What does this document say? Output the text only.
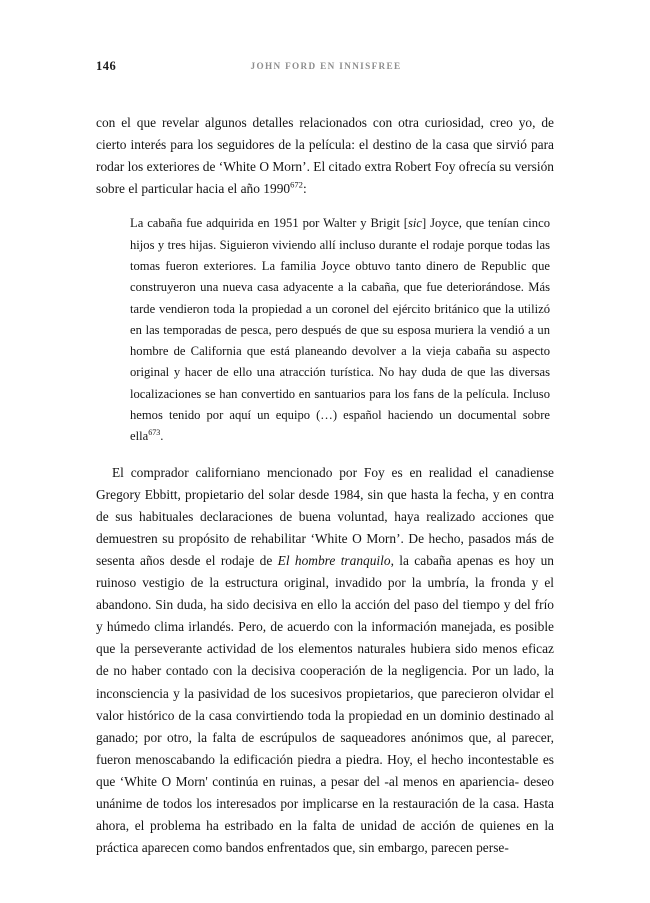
146	JOHN FORD EN INNISFREE

con el que revelar algunos detalles relacionados con otra curiosidad, creo yo, de cierto interés para los seguidores de la película: el destino de la casa que sirvió para rodar los exteriores de ‘White O Morn’. El citado extra Robert Foy ofrecía su versión sobre el particular hacia el año 1990$^{672}$:

La cabaña fue adquirida en 1951 por Walter y Brigit [sic] Joyce, que tenían cinco hijos y tres hijas. Siguieron viviendo allí incluso durante el rodaje porque todas las tomas fueron exteriores. La familia Joyce obtuvo tanto dinero de Republic que construyeron una nueva casa adyacente a la cabaña, que fue deteriorándose. Más tarde vendieron toda la propiedad a un coronel del ejército británico que la utilizó en las temporadas de pesca, pero después de que su esposa muriera la vendió a un hombre de California que está planeando devolver a la vieja cabaña su aspecto original y hacer de ello una atracción turística. No hay duda de que las diversas localizaciones se han convertido en santuarios para los fans de la película. Incluso hemos tenido por aquí un equipo (…) español haciendo un documental sobre ella$^{673}$.

El comprador californiano mencionado por Foy es en realidad el canadiense Gregory Ebbitt, propietario del solar desde 1984, sin que hasta la fecha, y en contra de sus habituales declaraciones de buena voluntad, haya realizado acciones que demuestren su propósito de rehabilitar ‘White O Morn’. De hecho, pasados más de sesenta años desde el rodaje de El hombre tranquilo, la cabaña apenas es hoy un ruinoso vestigio de la estructura original, invadido por la umbría, la fronda y el abandono. Sin duda, ha sido decisiva en ello la acción del paso del tiempo y del frío y húmedo clima irlandés. Pero, de acuerdo con la información manejada, es posible que la perseverante actividad de los elementos naturales hubiera sido menos eficaz de no haber contado con la decisiva cooperación de la negligencia. Por un lado, la inconsciencia y la pasividad de los sucesivos propietarios, que parecieron olvidar el valor histórico de la casa convirtiendo toda la propiedad en un dominio destinado al ganado; por otro, la falta de escrúpulos de saqueadores anónimos que, al parecer, fueron menoscabando la edificación piedra a piedra. Hoy, el hecho incontestable es que ‘White O Morn' continúa en ruinas, a pesar del -al menos en apariencia- deseo unánime de todos los interesados por implicarse en la restauración de la casa. Hasta ahora, el problema ha estribado en la falta de unidad de acción de quienes en la práctica aparecen como bandos enfrentados que, sin embargo, parecen perse-
